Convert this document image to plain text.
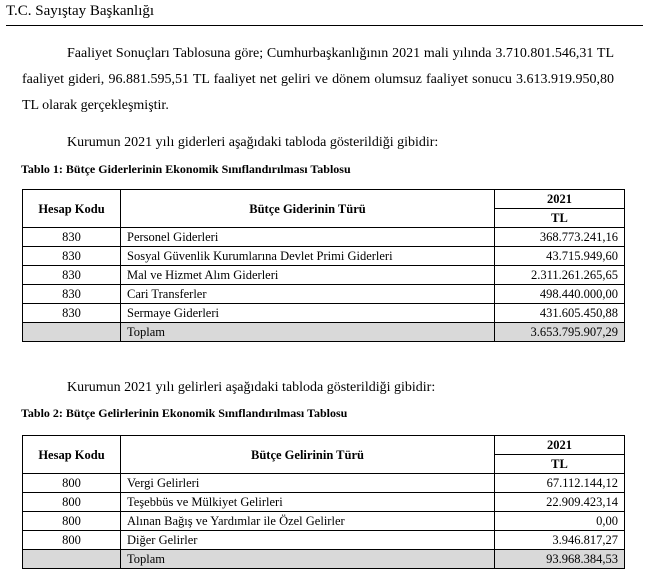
T.C. Sayıştay Başkanlığı
Faaliyet Sonuçları Tablosuna göre; Cumhurbaşkanlığının 2021 mali yılında 3.710.801.546,31 TL faaliyet gideri, 96.881.595,51 TL faaliyet net geliri ve dönem olumsuz faaliyet sonucu 3.613.919.950,80 TL olarak gerçekleşmiştir.
Kurumun 2021 yılı giderleri aşağıdaki tabloda gösterildiği gibidir:
Tablo 1: Bütçe Giderlerinin Ekonomik Sınıflandırılması Tablosu
Hesap Kodu	Bütçe Giderinin Türü	2021
		TL
830	Personel Giderleri	368.773.241,16
830	Sosyal Güvenlik Kurumlarına Devlet Primi Giderleri	43.715.949,60
830	Mal ve Hizmet Alım Giderleri	2.311.261.265,65
830	Cari Transferler	498.440.000,00
830	Sermaye Giderleri	431.605.450,88
	Toplam	3.653.795.907,29
Kurumun 2021 yılı gelirleri aşağıdaki tabloda gösterildiği gibidir:
Tablo 2: Bütçe Gelirlerinin Ekonomik Sınıflandırılması Tablosu
Hesap Kodu	Bütçe Gelirinin Türü	2021
		TL
800	Vergi Gelirleri	67.112.144,12
800	Teşebbüs ve Mülkiyet Gelirleri	22.909.423,14
800	Alınan Bağış ve Yardımlar ile Özel Gelirler	0,00
800	Diğer Gelirler	3.946.817,27
	Toplam	93.968.384,53
